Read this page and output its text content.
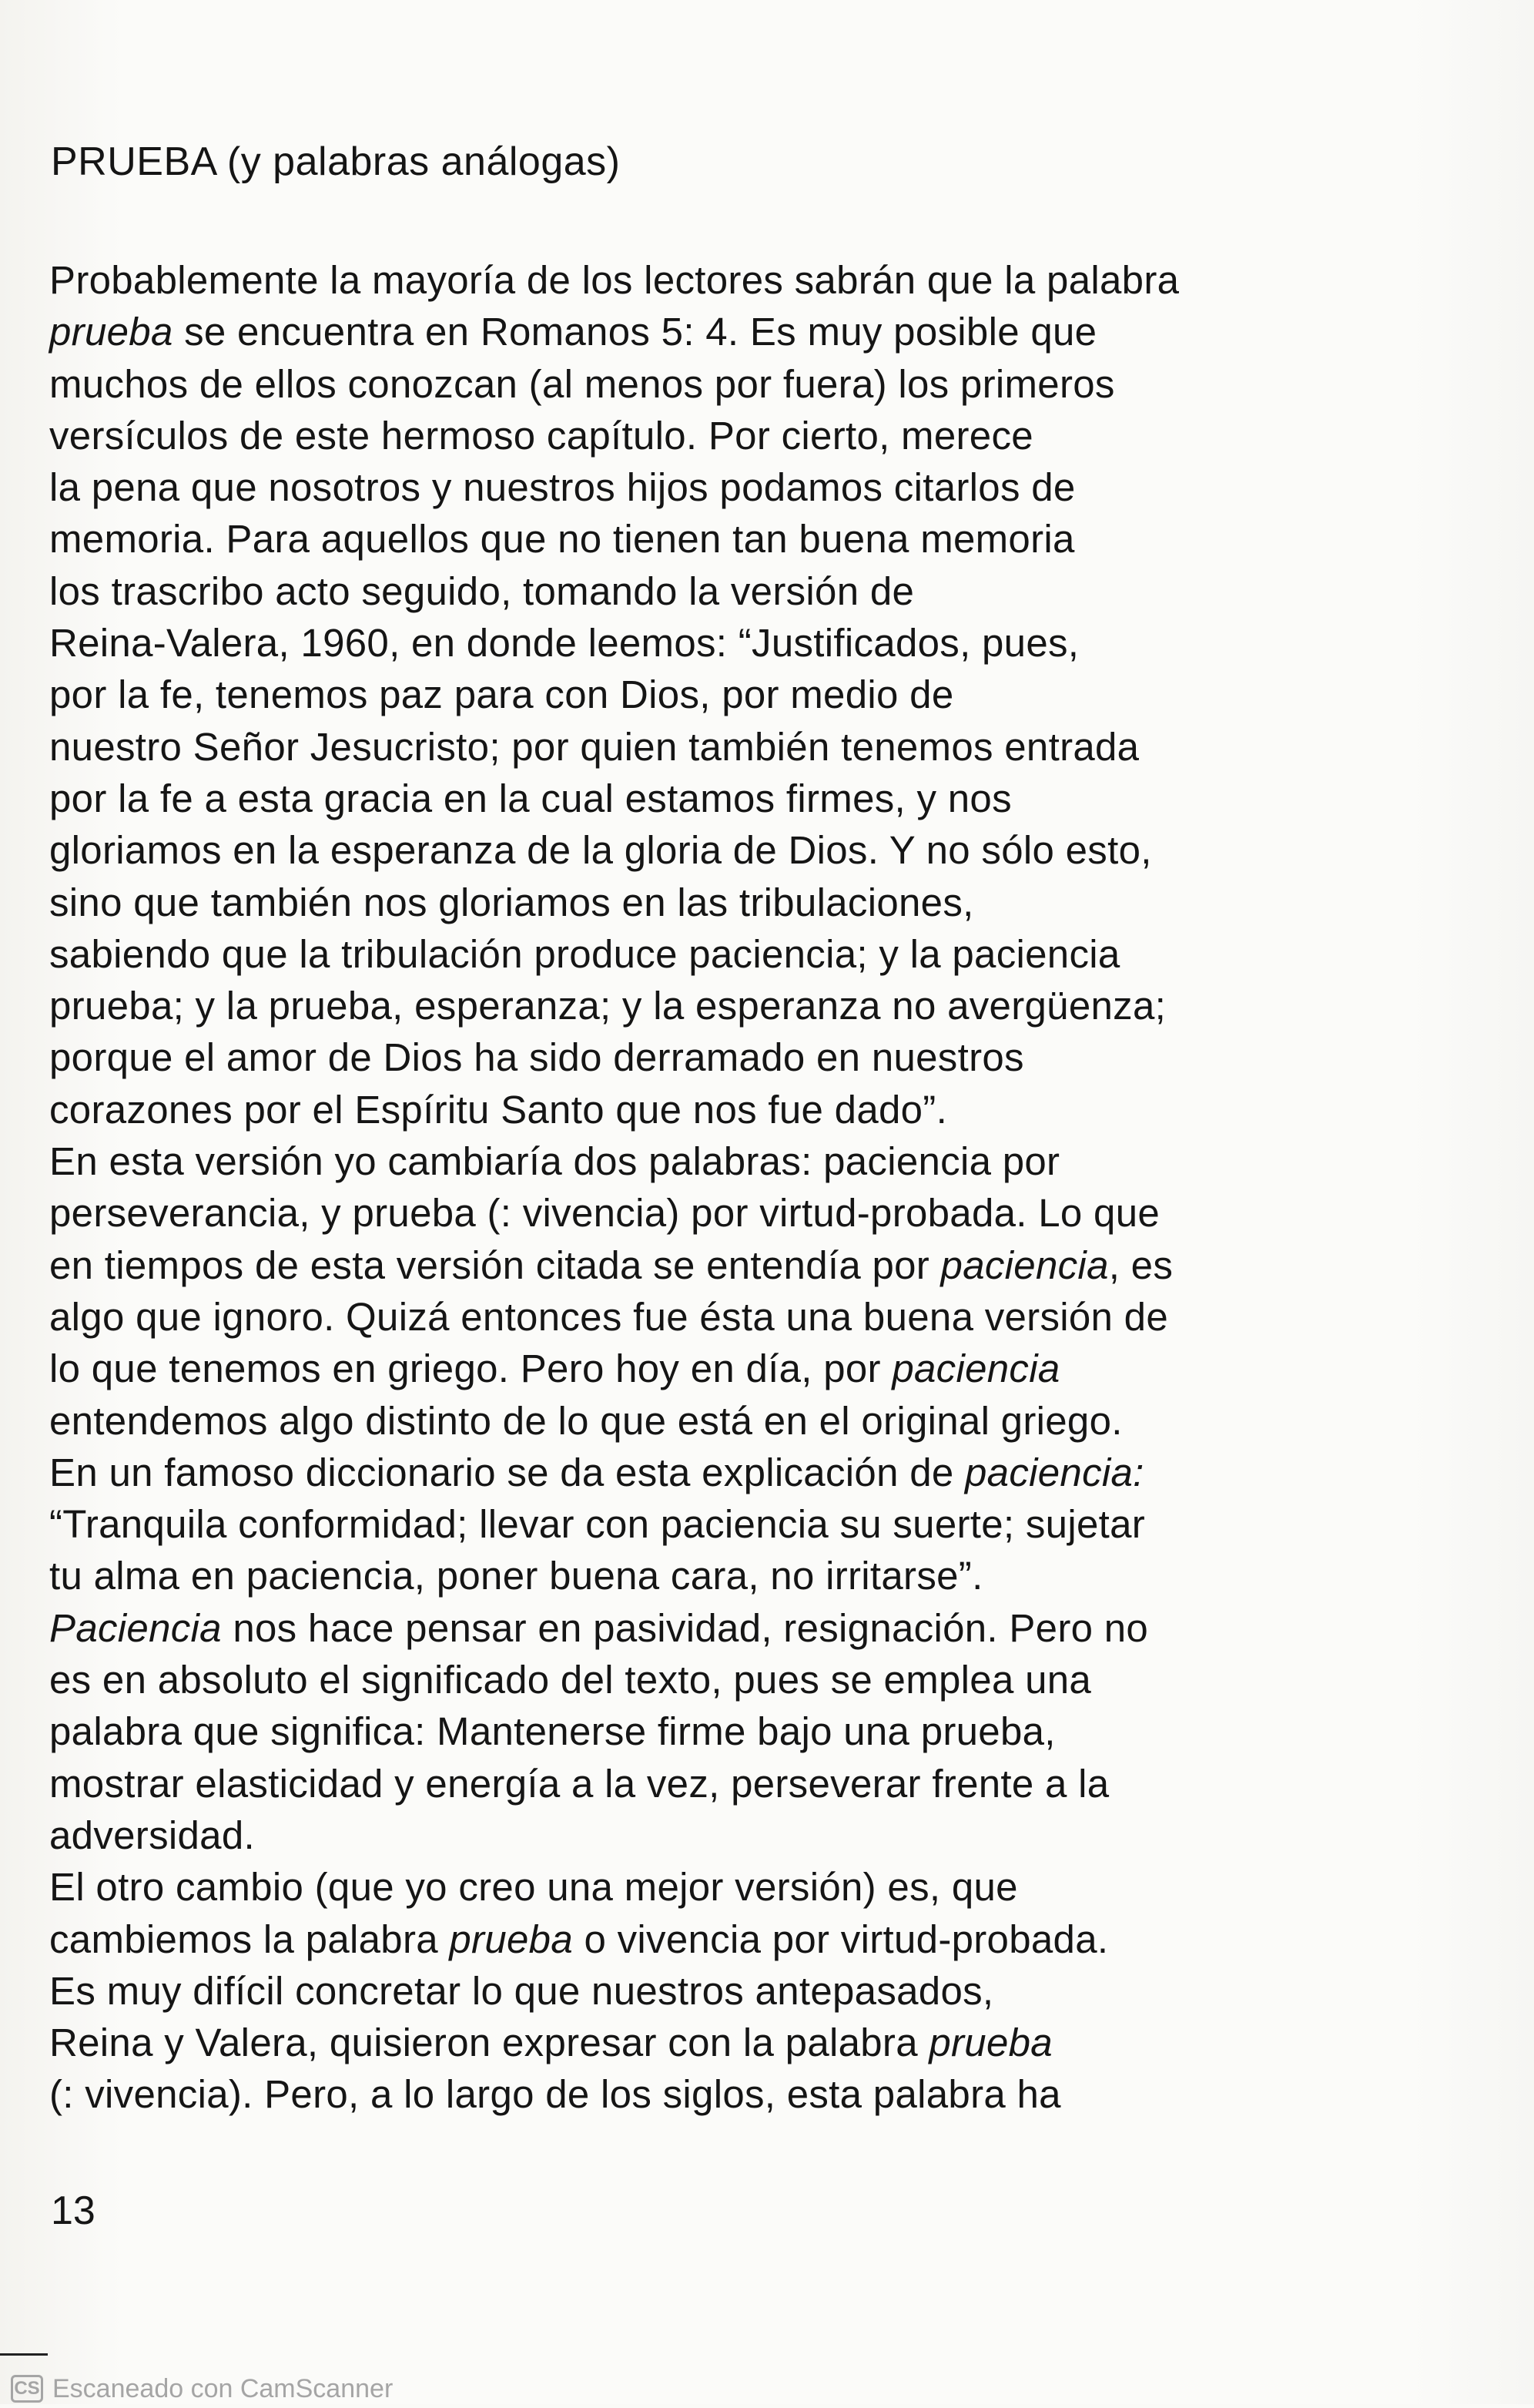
PRUEBA (y palabras análogas)
Probablemente la mayoría de los lectores sabrán que la palabra
prueba se encuentra en Romanos 5: 4. Es muy posible que
muchos de ellos conozcan (al menos por fuera) los primeros
versículos de este hermoso capítulo. Por cierto, merece
la pena que nosotros y nuestros hijos podamos citarlos de
memoria. Para aquellos que no tienen tan buena memoria
los trascribo acto seguido, tomando la versión de
Reina-Valera, 1960, en donde leemos: “Justificados, pues,
por la fe, tenemos paz para con Dios, por medio de
nuestro Señor Jesucristo; por quien también tenemos entrada
por la fe a esta gracia en la cual estamos firmes, y nos
gloriamos en la esperanza de la gloria de Dios. Y no sólo esto,
sino que también nos gloriamos en las tribulaciones,
sabiendo que la tribulación produce paciencia; y la paciencia
prueba; y la prueba, esperanza; y la esperanza no avergüenza;
porque el amor de Dios ha sido derramado en nuestros
corazones por el Espíritu Santo que nos fue dado”.
En esta versión yo cambiaría dos palabras: paciencia por
perseverancia, y prueba (: vivencia) por virtud-probada. Lo que
en tiempos de esta versión citada se entendía por paciencia, es
algo que ignoro. Quizá entonces fue ésta una buena versión de
lo que tenemos en griego. Pero hoy en día, por paciencia
entendemos algo distinto de lo que está en el original griego.
En un famoso diccionario se da esta explicación de paciencia:
“Tranquila conformidad; llevar con paciencia su suerte; sujetar
tu alma en paciencia, poner buena cara, no irritarse”.
Paciencia nos hace pensar en pasividad, resignación. Pero no
es en absoluto el significado del texto, pues se emplea una
palabra que significa: Mantenerse firme bajo una prueba,
mostrar elasticidad y energía a la vez, perseverar frente a la
adversidad.
El otro cambio (que yo creo una mejor versión) es, que
cambiemos la palabra prueba o vivencia por virtud-probada.
Es muy difícil concretar lo que nuestros antepasados,
Reina y Valera, quisieron expresar con la palabra prueba
(: vivencia). Pero, a lo largo de los siglos, esta palabra ha
13
CS Escaneado con CamScanner
